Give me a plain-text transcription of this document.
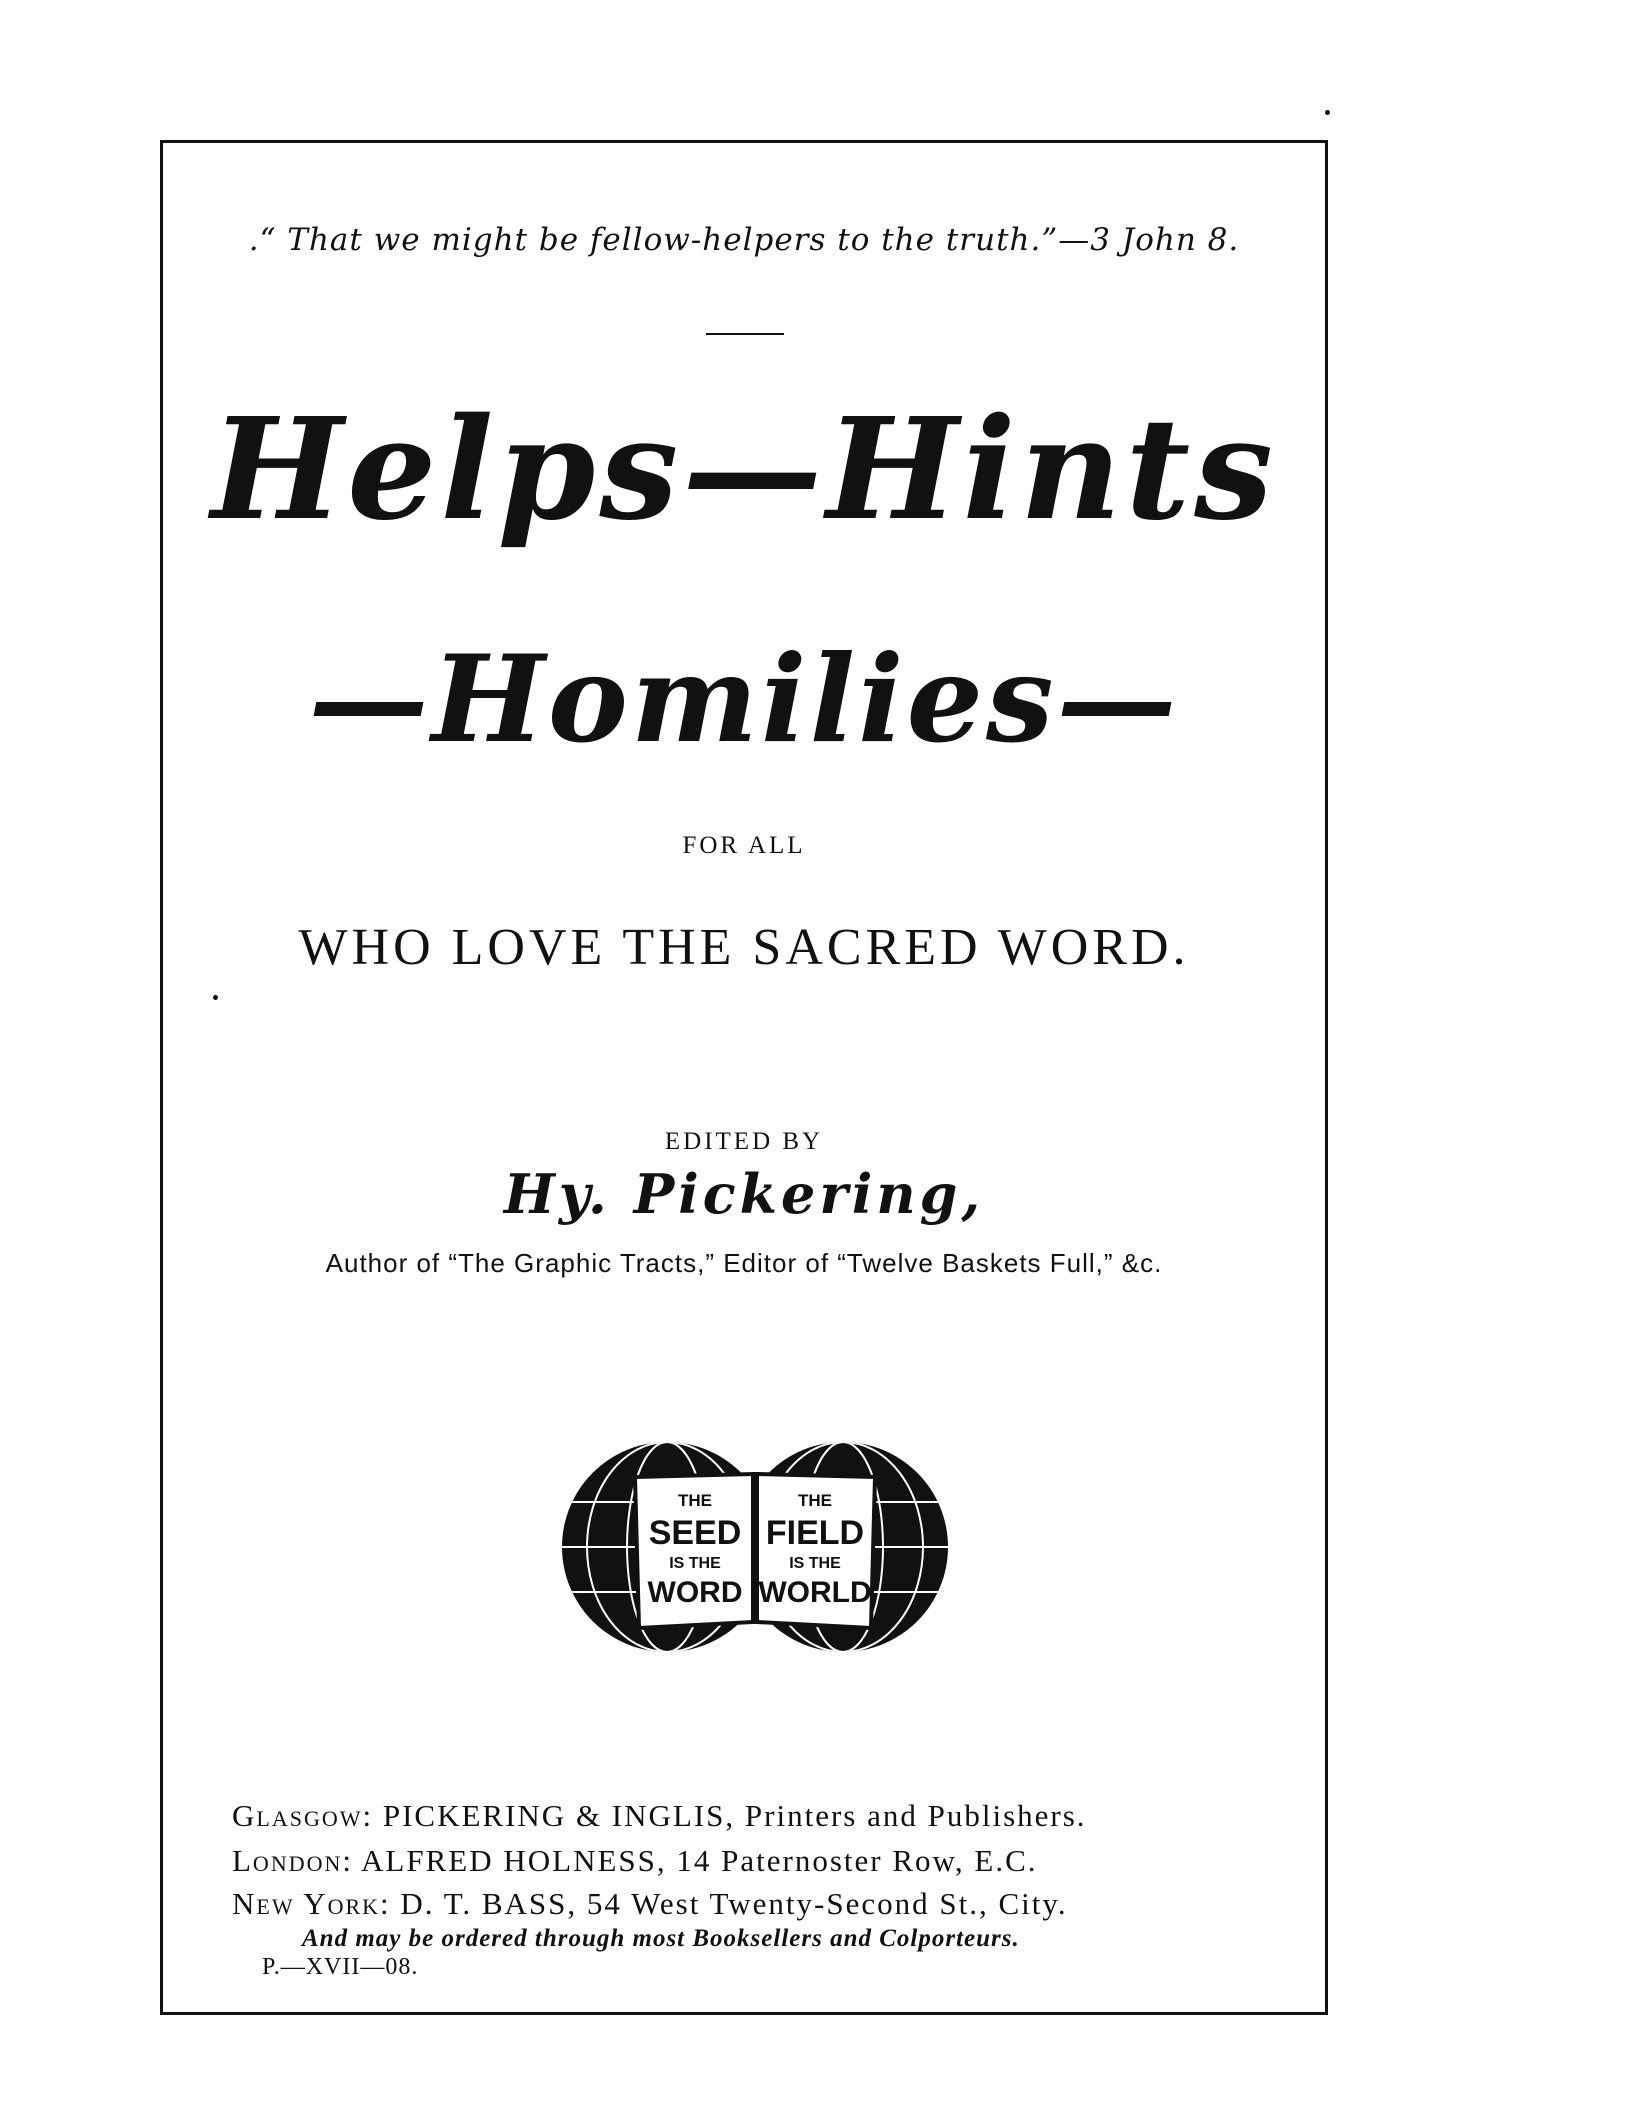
.“ That we might be fellow-helpers to the truth.”—3 John 8.
Helps—Hints
—Homilies—
FOR ALL
WHO LOVE THE SACRED WORD.
EDITED BY
Hy. Pickering,
Author of “The Graphic Tracts,” Editor of “Twelve Baskets Full,” &c.
THE
SEED
IS THE
WORD
THE
FIELD
IS THE
WORLD
Glasgow: PICKERING & INGLIS, Printers and Publishers.
London: ALFRED HOLNESS, 14 Paternoster Row, E.C.
New York: D. T. BASS, 54 West Twenty-Second St., City.
And may be ordered through most Booksellers and Colporteurs.
P.—XVII—08.
